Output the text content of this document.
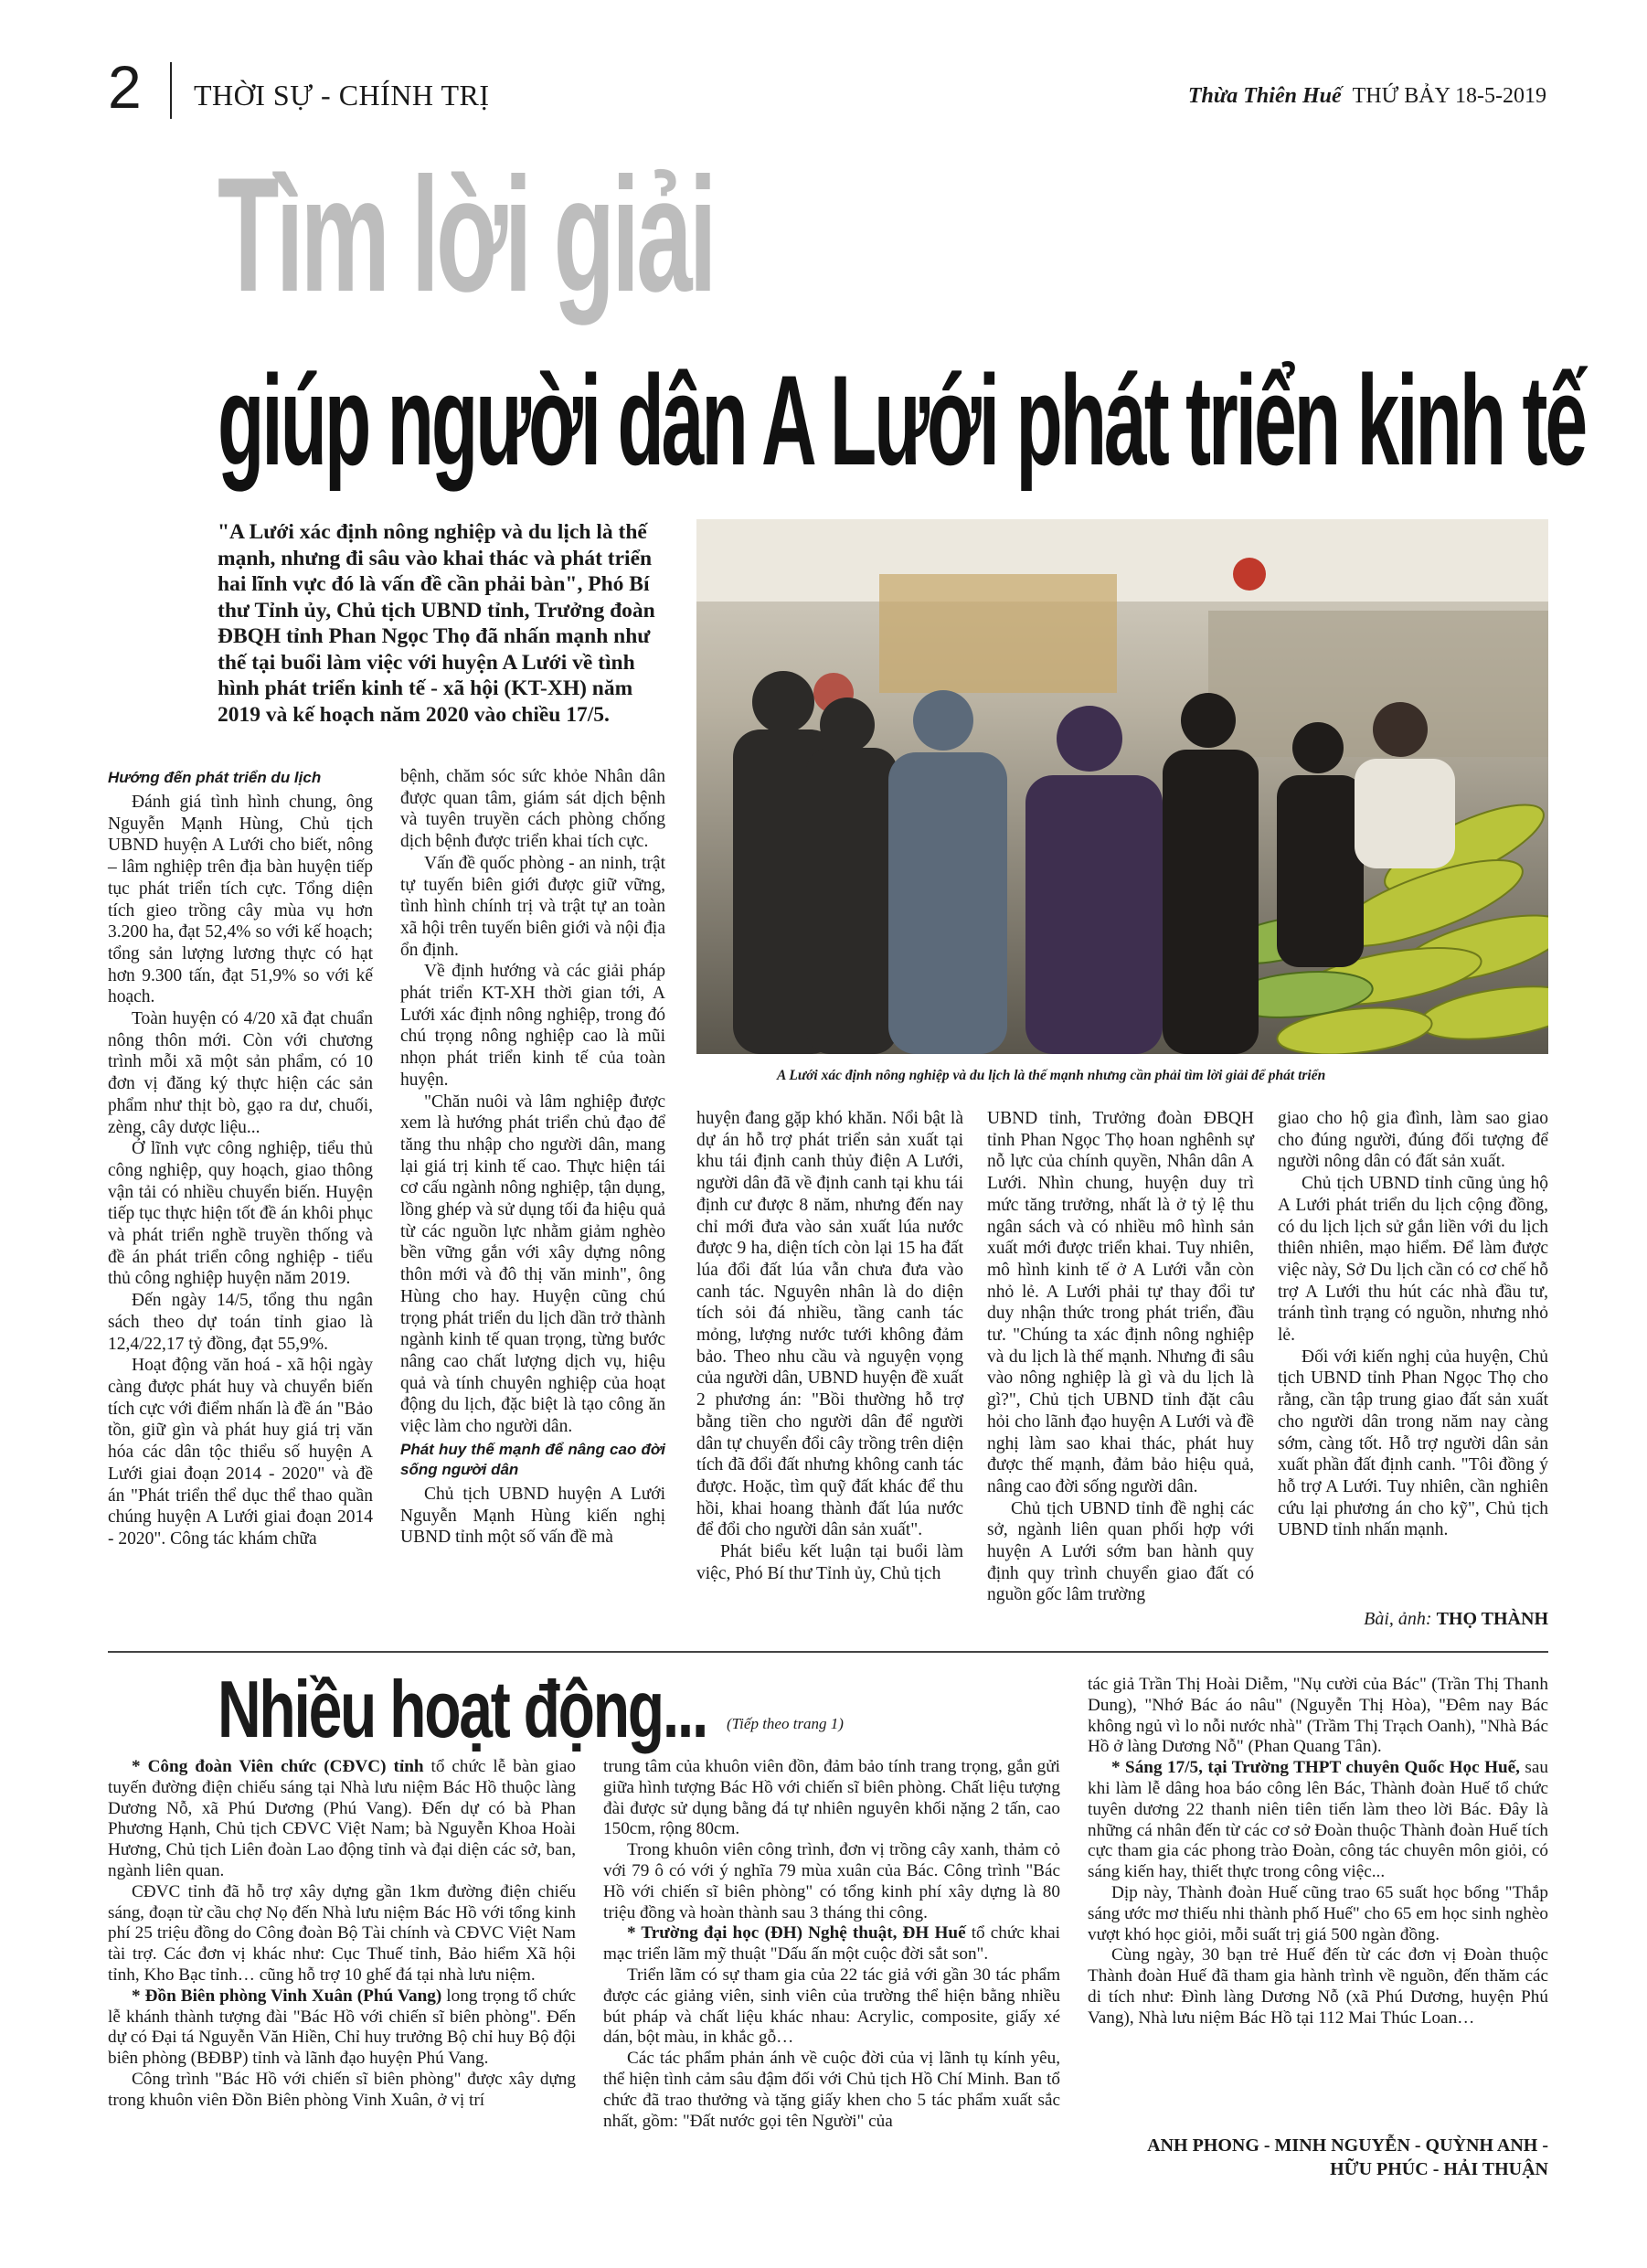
2 THỜI SỰ - CHÍNH TRỊ	Thừa Thiên Huế THỨ BẢY 18-5-2019
Tìm lời giải
giúp người dân A Lưới phát triển kinh tế
"A Lưới xác định nông nghiệp và du lịch là thế mạnh, nhưng đi sâu vào khai thác và phát triển hai lĩnh vực đó là vấn đề cần phải bàn", Phó Bí thư Tỉnh ủy, Chủ tịch UBND tỉnh, Trưởng đoàn ĐBQH tỉnh Phan Ngọc Thọ đã nhấn mạnh như thế tại buổi làm việc với huyện A Lưới về tình hình phát triển kinh tế - xã hội (KT-XH) năm 2019 và kế hoạch năm 2020 vào chiều 17/5.
A Lưới xác định nông nghiệp và du lịch là thế mạnh nhưng cần phải tìm lời giải để phát triển

Hướng đến phát triển du lịch

Đánh giá tình hình chung, ông Nguyễn Mạnh Hùng, Chủ tịch UBND huyện A Lưới cho biết, nông – lâm nghiệp trên địa bàn huyện tiếp tục phát triển tích cực. Tổng diện tích gieo trồng cây mùa vụ hơn 3.200 ha, đạt 52,4% so với kế hoạch; tổng sản lượng lương thực có hạt hơn 9.300 tấn, đạt 51,9% so với kế hoạch.

Toàn huyện có 4/20 xã đạt chuẩn nông thôn mới. Còn với chương trình mỗi xã một sản phẩm, có 10 đơn vị đăng ký thực hiện các sản phẩm như thịt bò, gạo ra dư, chuối, zèng, cây dược liệu...

Ở lĩnh vực công nghiệp, tiểu thủ công nghiệp, quy hoạch, giao thông vận tải có nhiều chuyển biến. Huyện tiếp tục thực hiện tốt đề án khôi phục và phát triển nghề truyền thống và đề án phát triển công nghiệp - tiểu thủ công nghiệp huyện năm 2019.

Đến ngày 14/5, tổng thu ngân sách theo dự toán tỉnh giao là 12,4/22,17 tỷ đồng, đạt 55,9%.

Hoạt động văn hoá - xã hội ngày càng được phát huy và chuyển biến tích cực với điểm nhấn là đề án "Bảo tồn, giữ gìn và phát huy giá trị văn hóa các dân tộc thiểu số huyện A Lưới giai đoạn 2014 - 2020" và đề án "Phát triển thể dục thể thao quần chúng huyện A Lưới giai đoạn 2014 - 2020". Công tác khám chữa

bệnh, chăm sóc sức khỏe Nhân dân được quan tâm, giám sát dịch bệnh và tuyên truyền cách phòng chống dịch bệnh được triển khai tích cực.

Vấn đề quốc phòng - an ninh, trật tự tuyến biên giới được giữ vững, tình hình chính trị và trật tự an toàn xã hội trên tuyến biên giới và nội địa ổn định.

Về định hướng và các giải pháp phát triển KT-XH thời gian tới, A Lưới xác định nông nghiệp, trong đó chú trọng nông nghiệp cao là mũi nhọn phát triển kinh tế của toàn huyện.

"Chăn nuôi và lâm nghiệp được xem là hướng phát triển chủ đạo để tăng thu nhập cho người dân, mang lại giá trị kinh tế cao. Thực hiện tái cơ cấu ngành nông nghiệp, tận dụng, lồng ghép và sử dụng tối đa hiệu quả từ các nguồn lực nhằm giảm nghèo bền vững gắn với xây dựng nông thôn mới và đô thị văn minh", ông Hùng cho hay. Huyện cũng chú trọng phát triển du lịch dần trở thành ngành kinh tế quan trọng, từng bước nâng cao chất lượng dịch vụ, hiệu quả và tính chuyên nghiệp của hoạt động du lịch, đặc biệt là tạo công ăn việc làm cho người dân.

Phát huy thế mạnh để nâng cao đời sống người dân

Chủ tịch UBND huyện A Lưới Nguyễn Mạnh Hùng kiến nghị UBND tỉnh một số vấn đề mà

huyện đang gặp khó khăn. Nổi bật là dự án hỗ trợ phát triển sản xuất tại khu tái định canh thủy điện A Lưới, người dân đã về định canh tại khu tái định cư được 8 năm, nhưng đến nay chỉ mới đưa vào sản xuất lúa nước được 9 ha, diện tích còn lại 15 ha đất lúa đổi đất lúa vẫn chưa đưa vào canh tác. Nguyên nhân là do diện tích sỏi đá nhiều, tầng canh tác mỏng, lượng nước tưới không đảm bảo. Theo nhu cầu và nguyện vọng của người dân, UBND huyện đề xuất 2 phương án: "Bồi thường hỗ trợ bằng tiền cho người dân để người dân tự chuyển đổi cây trồng trên diện tích đã đổi đất nhưng không canh tác được. Hoặc, tìm quỹ đất khác để thu hồi, khai hoang thành đất lúa nước để đổi cho người dân sản xuất".

Phát biểu kết luận tại buổi làm việc, Phó Bí thư Tỉnh ủy, Chủ tịch

UBND tỉnh, Trưởng đoàn ĐBQH tỉnh Phan Ngọc Thọ hoan nghênh sự nỗ lực của chính quyền, Nhân dân A Lưới. Nhìn chung, huyện duy trì mức tăng trưởng, nhất là ở tỷ lệ thu ngân sách và có nhiều mô hình sản xuất mới được triển khai. Tuy nhiên, mô hình kinh tế ở A Lưới vẫn còn nhỏ lẻ. A Lưới phải tự thay đổi tư duy nhận thức trong phát triển, đầu tư. "Chúng ta xác định nông nghiệp và du lịch là thế mạnh. Nhưng đi sâu vào nông nghiệp là gì và du lịch là gì?", Chủ tịch UBND tỉnh đặt câu hỏi cho lãnh đạo huyện A Lưới và đề nghị làm sao khai thác, phát huy được thế mạnh, đảm bảo hiệu quả, nâng cao đời sống người dân.

Chủ tịch UBND tỉnh đề nghị các sở, ngành liên quan phối hợp với huyện A Lưới sớm ban hành quy định quy trình chuyển giao đất có nguồn gốc lâm trường

giao cho hộ gia đình, làm sao giao cho đúng người, đúng đối tượng để người nông dân có đất sản xuất.

Chủ tịch UBND tỉnh cũng ủng hộ A Lưới phát triển du lịch cộng đồng, có du lịch lịch sử gắn liền với du lịch thiên nhiên, mạo hiểm. Để làm được việc này, Sở Du lịch cần có cơ chế hỗ trợ A Lưới thu hút các nhà đầu tư, tránh tình trạng có nguồn, nhưng nhỏ lẻ.

Đối với kiến nghị của huyện, Chủ tịch UBND tỉnh Phan Ngọc Thọ cho rằng, cần tập trung giao đất sản xuất cho người dân trong năm nay càng sớm, càng tốt. Hỗ trợ người dân sản xuất phần đất định canh. "Tôi đồng ý hỗ trợ A Lưới. Tuy nhiên, cần nghiên cứu lại phương án cho kỹ", Chủ tịch UBND tỉnh nhấn mạnh.

Bài, ảnh: THỌ THÀNH
Nhiều hoạt động... (Tiếp theo trang 1)

* Công đoàn Viên chức (CĐVC) tỉnh tổ chức lễ bàn giao tuyến đường điện chiếu sáng tại Nhà lưu niệm Bác Hồ thuộc làng Dương Nỗ, xã Phú Dương (Phú Vang). Đến dự có bà Phan Phương Hạnh, Chủ tịch CĐVC Việt Nam; bà Nguyễn Khoa Hoài Hương, Chủ tịch Liên đoàn Lao động tỉnh và đại diện các sở, ban, ngành liên quan.

CĐVC tỉnh đã hỗ trợ xây dựng gần 1km đường điện chiếu sáng, đoạn từ cầu chợ Nọ đến Nhà lưu niệm Bác Hồ với tổng kinh phí 25 triệu đồng do Công đoàn Bộ Tài chính và CĐVC Việt Nam tài trợ. Các đơn vị khác như: Cục Thuế tỉnh, Bảo hiểm Xã hội tỉnh, Kho Bạc tỉnh… cũng hỗ trợ 10 ghế đá tại nhà lưu niệm.

* Đồn Biên phòng Vinh Xuân (Phú Vang) long trọng tổ chức lễ khánh thành tượng đài "Bác Hồ với chiến sĩ biên phòng". Đến dự có Đại tá Nguyễn Văn Hiền, Chỉ huy trưởng Bộ chỉ huy Bộ đội biên phòng (BĐBP) tỉnh và lãnh đạo huyện Phú Vang.

Công trình "Bác Hồ với chiến sĩ biên phòng" được xây dựng trong khuôn viên Đồn Biên phòng Vinh Xuân, ở vị trí

trung tâm của khuôn viên đồn, đảm bảo tính trang trọng, gắn gửi giữa hình tượng Bác Hồ với chiến sĩ biên phòng. Chất liệu tượng đài được sử dụng bằng đá tự nhiên nguyên khối nặng 2 tấn, cao 150cm, rộng 80cm.

Trong khuôn viên công trình, đơn vị trồng cây xanh, thảm cỏ với 79 ô có với ý nghĩa 79 mùa xuân của Bác. Công trình "Bác Hồ với chiến sĩ biên phòng" có tổng kinh phí xây dựng là 80 triệu đồng và hoàn thành sau 3 tháng thi công.

* Trường đại học (ĐH) Nghệ thuật, ĐH Huế tổ chức khai mạc triển lãm mỹ thuật "Dấu ấn một cuộc đời sắt son".

Triển lãm có sự tham gia của 22 tác giả với gần 30 tác phẩm được các giảng viên, sinh viên của trường thể hiện bằng nhiều bút pháp và chất liệu khác nhau: Acrylic, composite, giấy xé dán, bột màu, in khắc gỗ…

Các tác phẩm phản ánh về cuộc đời của vị lãnh tụ kính yêu, thể hiện tình cảm sâu đậm đối với Chủ tịch Hồ Chí Minh. Ban tổ chức đã trao thưởng và tặng giấy khen cho 5 tác phẩm xuất sắc nhất, gồm: "Đất nước gọi tên Người" của

tác giả Trần Thị Hoài Diễm, "Nụ cười của Bác" (Trần Thị Thanh Dung), "Nhớ Bác áo nâu" (Nguyễn Thị Hòa), "Đêm nay Bác không ngủ vì lo nỗi nước nhà" (Trầm Thị Trạch Oanh), "Nhà Bác Hồ ở làng Dương Nỗ" (Phan Quang Tân).

* Sáng 17/5, tại Trường THPT chuyên Quốc Học Huế, sau khi làm lễ dâng hoa báo công lên Bác, Thành đoàn Huế tổ chức tuyên dương 22 thanh niên tiên tiến làm theo lời Bác. Đây là những cá nhân đến từ các cơ sở Đoàn thuộc Thành đoàn Huế tích cực tham gia các phong trào Đoàn, công tác chuyên môn giỏi, có sáng kiến hay, thiết thực trong công việc...

Dịp này, Thành đoàn Huế cũng trao 65 suất học bổng "Thắp sáng ước mơ thiếu nhi thành phố Huế" cho 65 em học sinh nghèo vượt khó học giỏi, mỗi suất trị giá 500 ngàn đồng.

Cùng ngày, 30 bạn trẻ Huế đến từ các đơn vị Đoàn thuộc Thành đoàn Huế đã tham gia hành trình về nguồn, đến thăm các di tích như: Đình làng Dương Nỗ (xã Phú Dương, huyện Phú Vang), Nhà lưu niệm Bác Hồ tại 112 Mai Thúc Loan…

ANH PHONG - MINH NGUYỄN - QUỲNH ANH -
HỮU PHÚC - HẢI THUẬN
